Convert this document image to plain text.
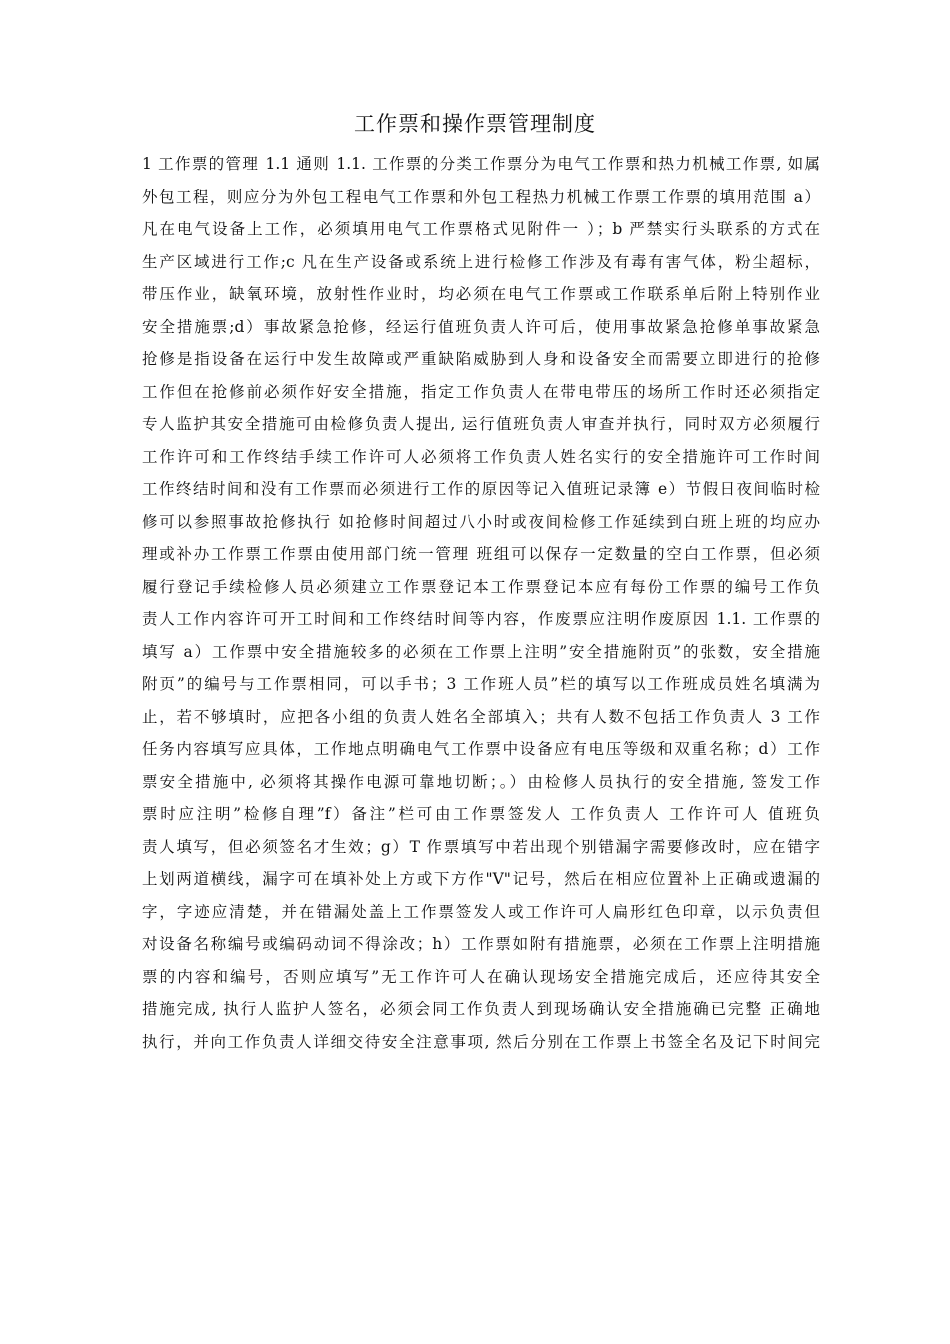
工作票和操作票管理制度
1 工作票的管理 1.1 通则 1.1. 工作票的分类工作票分为电气工作票和热力机械工作票, 如属
外包工程，则应分为外包工程电气工作票和外包工程热力机械工作票工作票的填用范围 a）
凡在电气设备上工作，必须填用电气工作票格式见附件一 ）；b 严禁实行头联系的方式在
生产区域进行工作;c 凡在生产设备或系统上进行检修工作涉及有毒有害气体，粉尘超标，
带压作业，缺氧环境，放射性作业时，均必须在电气工作票或工作联系单后附上特别作业
安全措施票;d）事故紧急抢修，经运行值班负责人许可后，使用事故紧急抢修单事故紧急
抢修是指设备在运行中发生故障或严重缺陷威胁到人身和设备安全而需要立即进行的抢修
工作但在抢修前必须作好安全措施，指定工作负责人在带电带压的场所工作时还必须指定
专人监护其安全措施可由检修负责人提出, 运行值班负责人审查并执行，同时双方必须履行
工作许可和工作终结手续工作许可人必须将工作负责人姓名实行的安全措施许可工作时间
工作终结时间和没有工作票而必须进行工作的原因等记入值班记录簿 e）节假日夜间临时检
修可以参照事故抢修执行 如抢修时间超过八小时或夜间检修工作延续到白班上班的均应办
理或补办工作票工作票由使用部门统一管理 班组可以保存一定数量的空白工作票，但必须
履行登记手续检修人员必须建立工作票登记本工作票登记本应有每份工作票的编号工作负
责人工作内容许可开工时间和工作终结时间等内容，作废票应注明作废原因 1.1. 工作票的
填写 a）工作票中安全措施较多的必须在工作票上注明”安全措施附页”的张数，安全措施
附页”的编号与工作票相同，可以手书；3 工作班人员”栏的填写以工作班成员姓名填满为
止，若不够填时，应把各小组的负责人姓名全部填入；共有人数不包括工作负责人 3 工作
任务内容填写应具体，工作地点明确电气工作票中设备应有电压等级和双重名称；d）工作
票安全措施中, 必须将其操作电源可靠地切断；。）由检修人员执行的安全措施, 签发工作
票时应注明”检修自理”f）备注”栏可由工作票签发人 工作负责人 工作许可人 值班负
责人填写，但必须签名才生效；g）T 作票填写中若出现个别错漏字需要修改时，应在错字
上划两道横线，漏字可在填补处上方或下方作"V"记号，然后在相应位置补上正确或遗漏的
字，字迹应清楚，并在错漏处盖上工作票签发人或工作许可人扁形红色印章，以示负责但
对设备名称编号或编码动词不得涂改；h）工作票如附有措施票，必须在工作票上注明措施
票的内容和编号，否则应填写”无工作许可人在确认现场安全措施完成后，还应待其安全
措施完成, 执行人监护人签名，必须会同工作负责人到现场确认安全措施确已完整 正确地
执行，并向工作负责人详细交待安全注意事项, 然后分别在工作票上书签全名及记下时间完
